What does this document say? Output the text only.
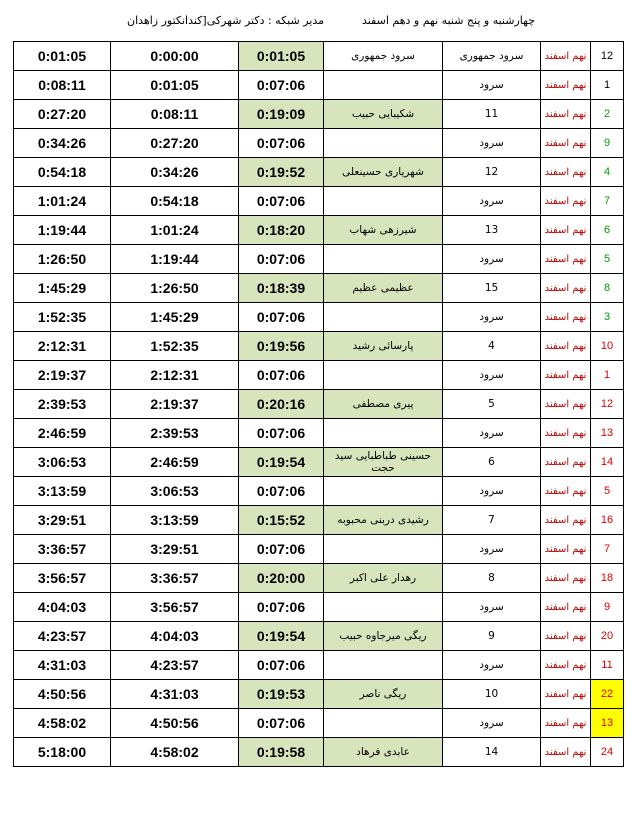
چهارشنبه و پنج شنبه نهم و دهم اسفند
مدیر شبکه : دکتر شهرکی[کندانکتور زاهدان
0:01:05	0:00:00	0:01:05	سرود جمهوری	سرود جمهوری	نهم اسفند	12
0:08:11	0:01:05	0:07:06		سرود	نهم اسفند	1
0:27:20	0:08:11	0:19:09	شکیبایی حبیب	11	نهم اسفند	2
0:34:26	0:27:20	0:07:06		سرود	نهم اسفند	9
0:54:18	0:34:26	0:19:52	شهریاری حسینعلی	12	نهم اسفند	4
1:01:24	0:54:18	0:07:06		سرود	نهم اسفند	7
1:19:44	1:01:24	0:18:20	شیرزهی شهاب	13	نهم اسفند	6
1:26:50	1:19:44	0:07:06		سرود	نهم اسفند	5
1:45:29	1:26:50	0:18:39	عظیمی عظیم	15	نهم اسفند	8
1:52:35	1:45:29	0:07:06		سرود	نهم اسفند	3
2:12:31	1:52:35	0:19:56	پارسائی رشید	4	نهم اسفند	10
2:19:37	2:12:31	0:07:06		سرود	نهم اسفند	1
2:39:53	2:19:37	0:20:16	پیری مصطفی	5	نهم اسفند	12
2:46:59	2:39:53	0:07:06		سرود	نهم اسفند	13
3:06:53	2:46:59	0:19:54	حسینی طباطبایی سید حجت	6	نهم اسفند	14
3:13:59	3:06:53	0:07:06		سرود	نهم اسفند	5
3:29:51	3:13:59	0:15:52	رشیدی دربنی محبوبه	7	نهم اسفند	16
3:36:57	3:29:51	0:07:06		سرود	نهم اسفند	7
3:56:57	3:36:57	0:20:00	رهدار علی اکبر	8	نهم اسفند	18
4:04:03	3:56:57	0:07:06		سرود	نهم اسفند	9
4:23:57	4:04:03	0:19:54	ریگی میرجاوه حبیب	9	نهم اسفند	20
4:31:03	4:23:57	0:07:06		سرود	نهم اسفند	11
4:50:56	4:31:03	0:19:53	ریگی ناصر	10	نهم اسفند	22
4:58:02	4:50:56	0:07:06		سرود	نهم اسفند	13
5:18:00	4:58:02	0:19:58	عابدی فرهاد	14	نهم اسفند	24
